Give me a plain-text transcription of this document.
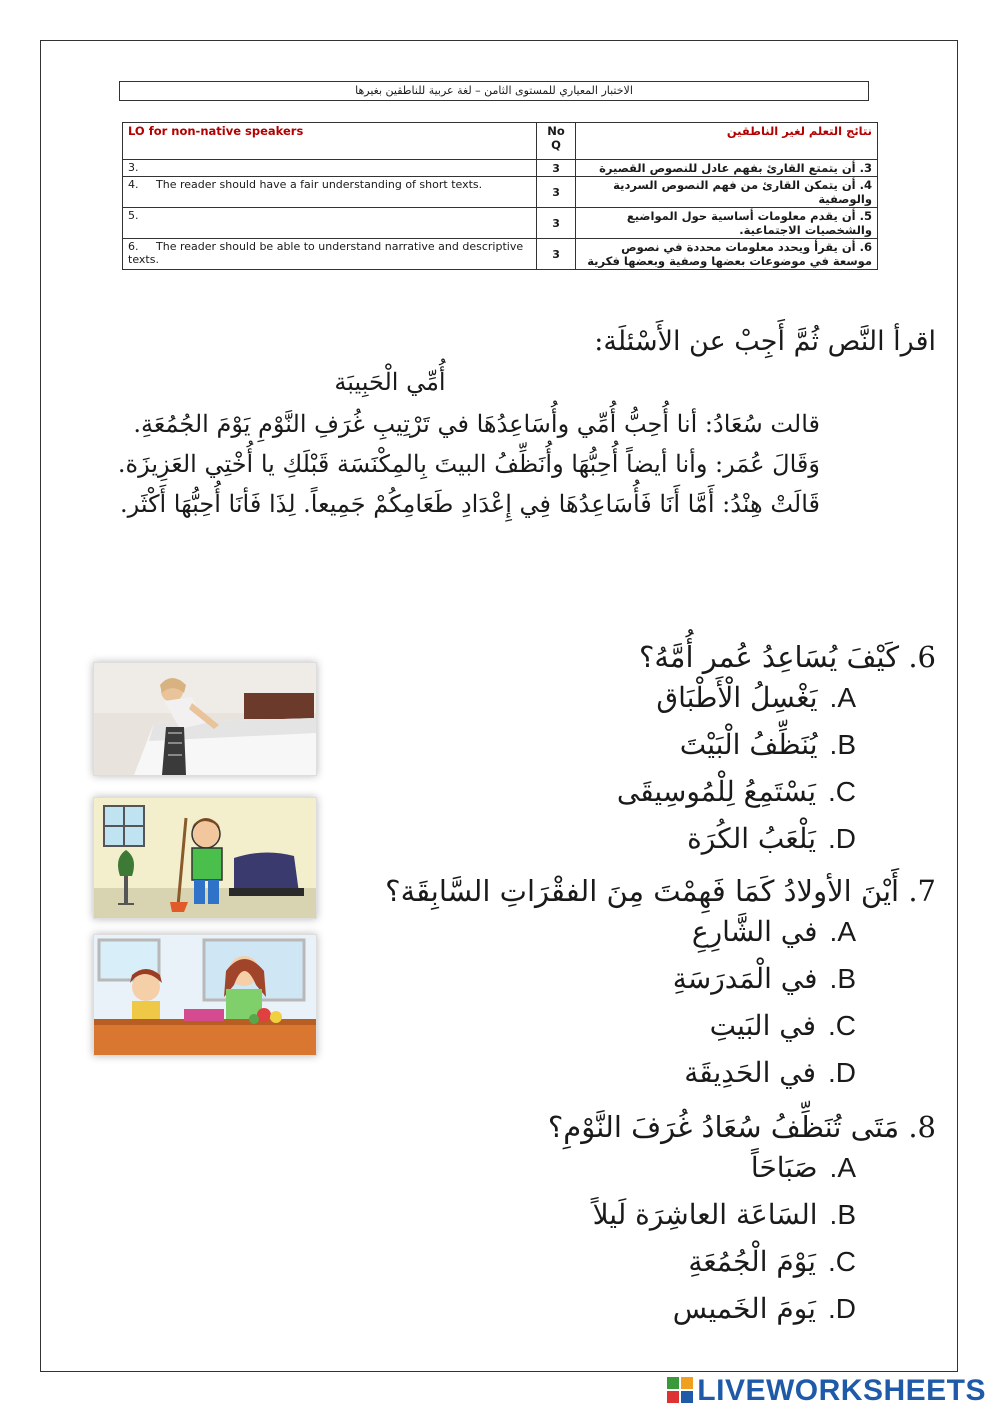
الاختبار المعياري للمستوى الثامن – لغة عربية للناطقين بغيرها
LO for non-native speakers	No Q	نتائج التعلم لغير الناطقين
3.	3	3. أن يتمتع القارئ بفهم عادل للنصوص القصيرة
4. The reader should have a fair understanding of short texts.	3	4. أن يتمكن القارئ من فهم النصوص السردية والوصفية
5.	3	5. أن يقدم معلومات أساسية حول المواضيع والشخصيات الاجتماعية.
6. The reader should be able to understand narrative and descriptive texts.	3	6. أن يقرأ ويحدد معلومات محددة في نصوص موسعة في موضوعات بعضها وصفية وبعضها فكرية
اقرأ النَّص ثُمَّ أَجِبْ عن الأَسْئلَة:
أُمِّي الْحَبِيبَة
قالت سُعَادُ: أنا أُحِبُّ أُمِّي وأُسَاعِدُهَا في تَرْتِيبِ غُرَفِ النَّوْمِ يَوْمَ الجُمُعَةِ.
وَقَالَ عُمَر: وأنا أيضاً أُحِبُّهَا وأُنَظِّفُ البيتَ بِالمِكْنَسَة قَبْلَكِ يا أُخْتِي العَزِيزَة.
قَالَتْ هِنْدُ: أَمَّا أَنَا فَأُسَاعِدُهَا فِي إِعْدَادِ طَعَامِكُمْ جَمِيعاً. لِذَا فَأنَا أُحِبُّهَا أَكْثَر.
6. كَيْفَ يُسَاعِدُ عُمر أُمَّهُ؟
A.يَغْسِلُ الْأَطْبَاق
B.يُنَظِّفُ الْبَيْتَ
C.يَسْتَمِعُ لِلْمُوسِيقَى
D.يَلْعَبُ الكُرَة
7. أَيْنَ الأولادُ كَمَا فَهِمْتَ مِنَ الفقْرَاتِ السَّابِقَة؟
A.في الشَّارِعِ
B.في الْمَدرَسَةِ
C.في البَيتِ
D.في الحَدِيقَة
8. مَتَى تُنَظِّفُ سُعَادُ غُرَفَ النَّوْمِ؟
A.صَبَاحَاً
B.السَاعَة العاشِرَة لَيلاً
C.يَوْمَ الْجُمُعَةِ
D.يَومَ الخَميس
LIVEWORKSHEETS
